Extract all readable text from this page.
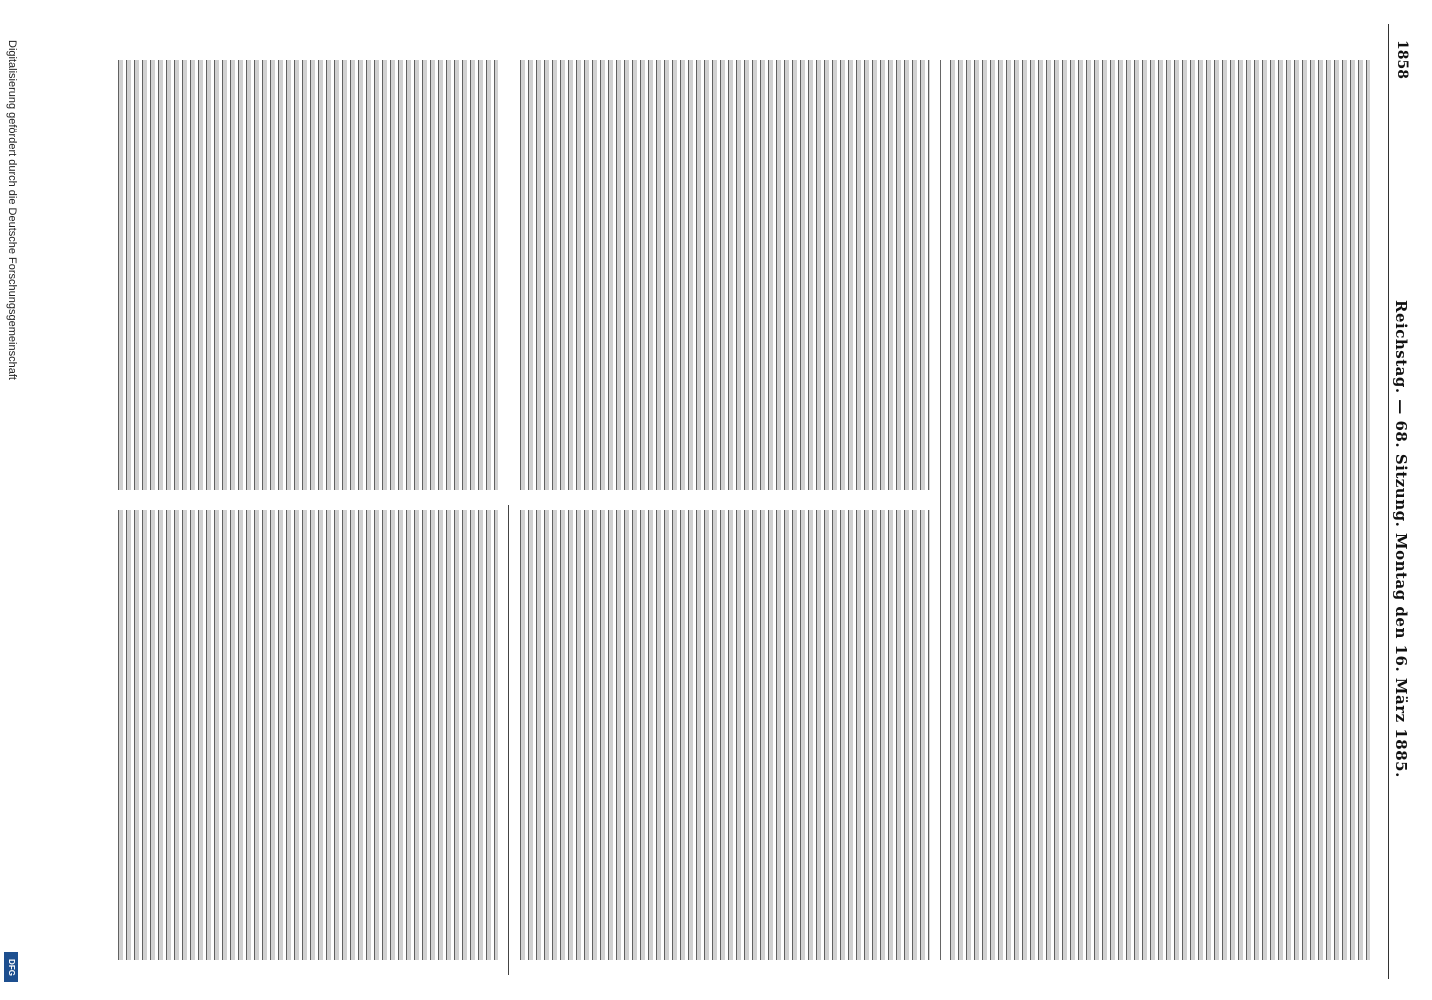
1858
Reichstag. — 68. Sitzung. Montag den 16. März 1885.
Digitalisierung gefördert durch die Deutsche Forschungsgemeinschaft
DFG
